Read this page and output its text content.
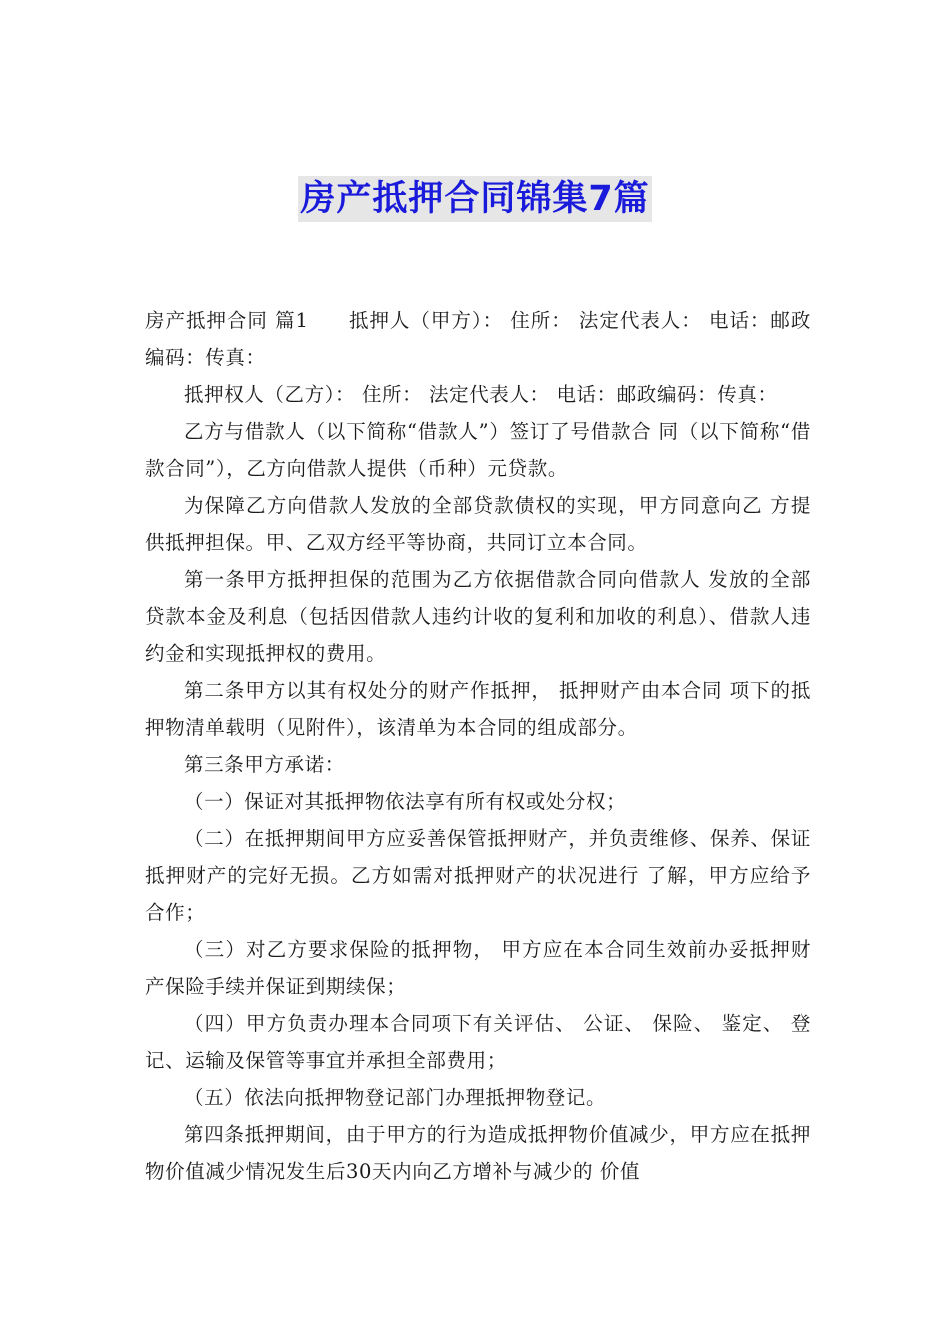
房产抵押合同锦集7篇

房产抵押合同 篇1 抵押人（甲方）： 住所： 法定代表人： 电话：邮政编码：传真：

抵押权人（乙方）： 住所： 法定代表人： 电话：邮政编码：传真：

乙方与借款人（以下简称“借款人”）签订了号借款合 同（以下简称“借款合同”），乙方向借款人提供（币种）元贷款。

为保障乙方向借款人发放的全部贷款债权的实现，甲方同意向乙 方提供抵押担保。甲、乙双方经平等协商，共同订立本合同。

第一条甲方抵押担保的范围为乙方依据借款合同向借款人 发放的全部贷款本金及利息（包括因借款人违约计收的复利和加收的利息）、借款人违约金和实现抵押权的费用。

第二条甲方以其有权处分的财产作抵押， 抵押财产由本合同 项下的抵押物清单载明（见附件），该清单为本合同的组成部分。

第三条甲方承诺：

（一）保证对其抵押物依法享有所有权或处分权；

（二）在抵押期间甲方应妥善保管抵押财产，并负责维修、保养、保证抵押财产的完好无损。乙方如需对抵押财产的状况进行 了解，甲方应给予合作；

（三）对乙方要求保险的抵押物， 甲方应在本合同生效前办妥抵押财产保险手续并保证到期续保；

（四）甲方负责办理本合同项下有关评估、 公证、 保险、 鉴定、 登记、运输及保管等事宜并承担全部费用；

（五）依法向抵押物登记部门办理抵押物登记。

第四条抵押期间，由于甲方的行为造成抵押物价值减少，甲方应在抵押物价值减少情况发生后30天内向乙方增补与减少的 价值
